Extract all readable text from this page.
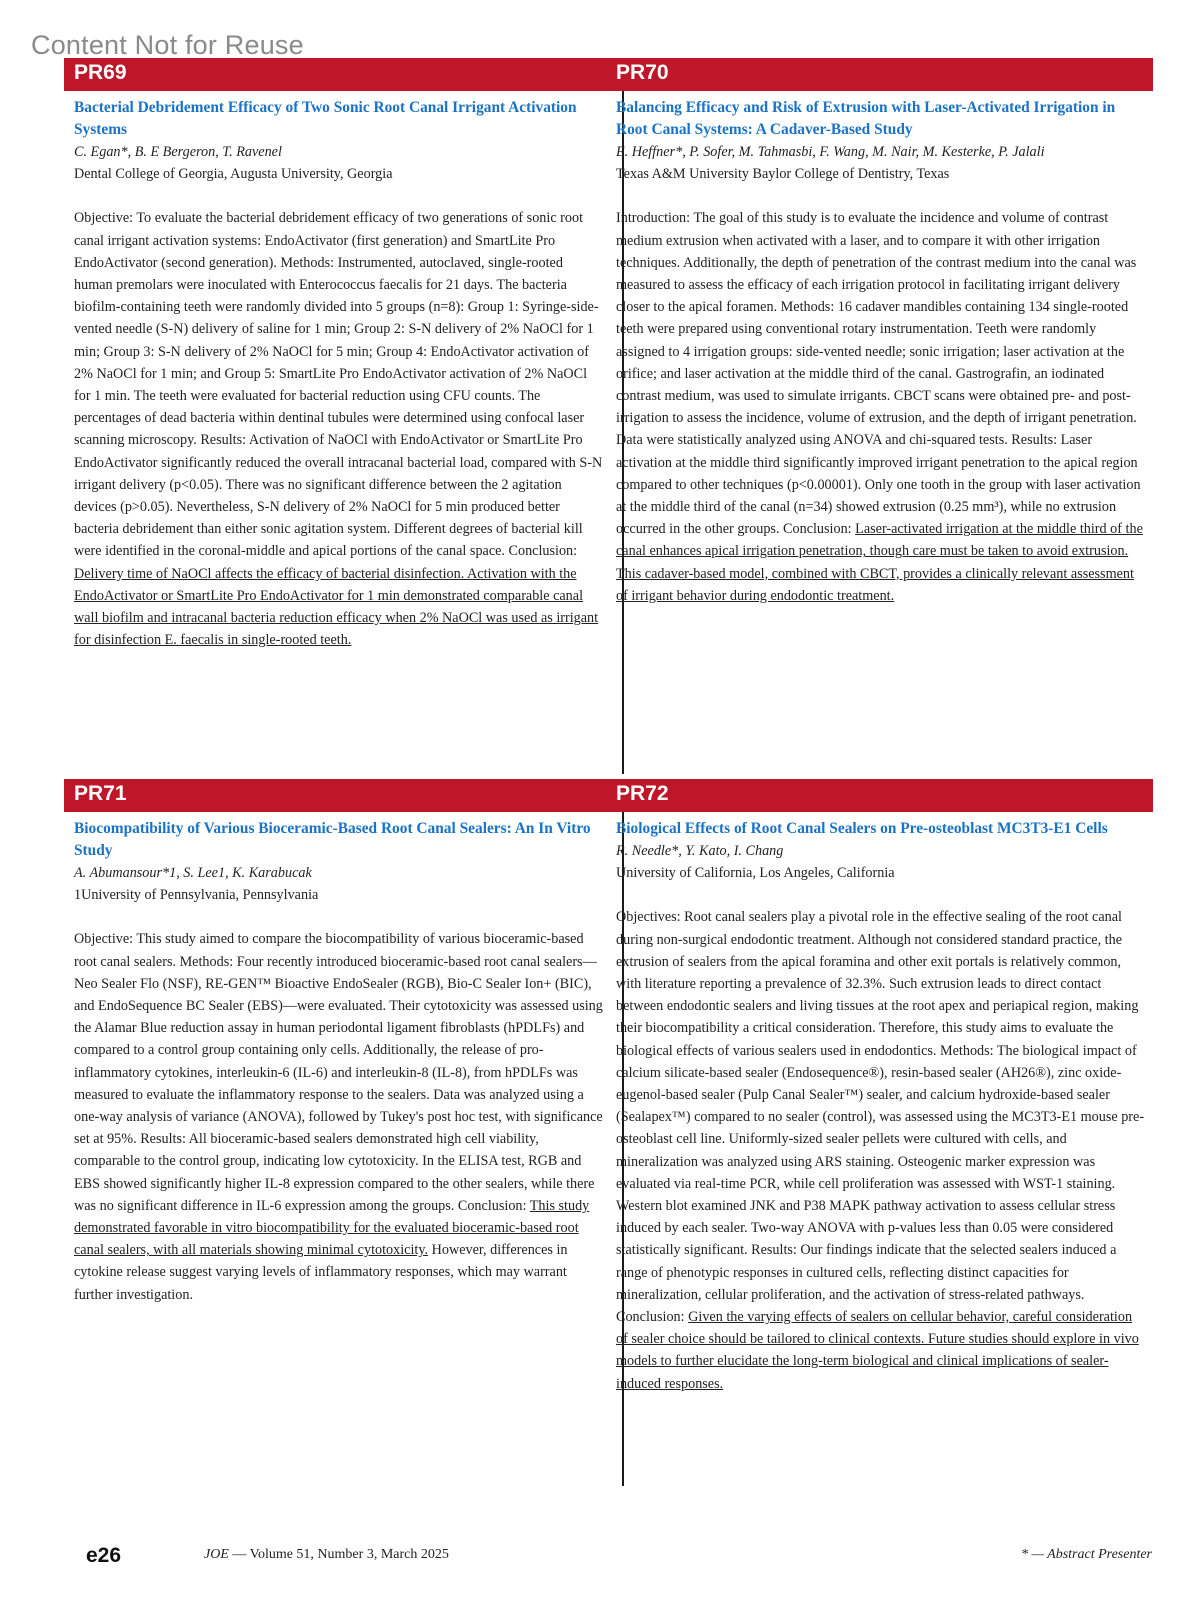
Content Not for Reuse
PR69	PR70
PR71	PR72
Bacterial Debridement Efficacy of Two Sonic Root Canal Irrigant Activation Systems
C. Egan*, B. E Bergeron, T. Ravenel
Dental College of Georgia, Augusta University, Georgia
Objective: To evaluate the bacterial debridement efficacy of two generations of sonic root canal irrigant activation systems: EndoActivator (first generation) and SmartLite Pro EndoActivator (second generation). Methods: Instrumented, autoclaved, single-rooted human premolars were inoculated with Enterococcus faecalis for 21 days. The bacteria biofilm-containing teeth were randomly divided into 5 groups (n=8): Group 1: Syringe-side-vented needle (S-N) delivery of saline for 1 min; Group 2: S-N delivery of 2% NaOCl for 1 min; Group 3: S-N delivery of 2% NaOCl for 5 min; Group 4: EndoActivator activation of 2% NaOCl for 1 min; and Group 5: SmartLite Pro EndoActivator activation of 2% NaOCl for 1 min. The teeth were evaluated for bacterial reduction using CFU counts. The percentages of dead bacteria within dentinal tubules were determined using confocal laser scanning microscopy. Results: Activation of NaOCl with EndoActivator or SmartLite Pro EndoActivator significantly reduced the overall intracanal bacterial load, compared with S-N irrigant delivery (p<0.05). There was no significant difference between the 2 agitation devices (p>0.05). Nevertheless, S-N delivery of 2% NaOCl for 5 min produced better bacteria debridement than either sonic agitation system. Different degrees of bacterial kill were identified in the coronal-middle and apical portions of the canal space. Conclusion: Delivery time of NaOCl affects the efficacy of bacterial disinfection. Activation with the EndoActivator or SmartLite Pro EndoActivator for 1 min demonstrated comparable canal wall biofilm and intracanal bacteria reduction efficacy when 2% NaOCl was used as irrigant for disinfection E. faecalis in single-rooted teeth.
Balancing Efficacy and Risk of Extrusion with Laser-Activated Irrigation in Root Canal Systems: A Cadaver-Based Study
E. Heffner*, P. Sofer, M. Tahmasbi, F. Wang, M. Nair, M. Kesterke, P. Jalali
Texas A&M University Baylor College of Dentistry, Texas
Introduction: The goal of this study is to evaluate the incidence and volume of contrast medium extrusion when activated with a laser, and to compare it with other irrigation techniques. Additionally, the depth of penetration of the contrast medium into the canal was measured to assess the efficacy of each irrigation protocol in facilitating irrigant delivery closer to the apical foramen. Methods: 16 cadaver mandibles containing 134 single-rooted teeth were prepared using conventional rotary instrumentation. Teeth were randomly assigned to 4 irrigation groups: side-vented needle; sonic irrigation; laser activation at the orifice; and laser activation at the middle third of the canal. Gastrografin, an iodinated contrast medium, was used to simulate irrigants. CBCT scans were obtained pre- and post-irrigation to assess the incidence, volume of extrusion, and the depth of irrigant penetration. Data were statistically analyzed using ANOVA and chi-squared tests. Results: Laser activation at the middle third significantly improved irrigant penetration to the apical region compared to other techniques (p<0.00001). Only one tooth in the group with laser activation at the middle third of the canal (n=34) showed extrusion (0.25 mm³), while no extrusion occurred in the other groups. Conclusion: Laser-activated irrigation at the middle third of the canal enhances apical irrigation penetration, though care must be taken to avoid extrusion. This cadaver-based model, combined with CBCT, provides a clinically relevant assessment of irrigant behavior during endodontic treatment.
Biocompatibility of Various Bioceramic-Based Root Canal Sealers: An In Vitro Study
A. Abumansour*1, S. Lee1, K. Karabucak
1University of Pennsylvania, Pennsylvania
Objective: This study aimed to compare the biocompatibility of various bioceramic-based root canal sealers. Methods: Four recently introduced bioceramic-based root canal sealers—Neo Sealer Flo (NSF), RE-GEN™ Bioactive EndoSealer (RGB), Bio-C Sealer Ion+ (BIC), and EndoSequence BC Sealer (EBS)—were evaluated. Their cytotoxicity was assessed using the Alamar Blue reduction assay in human periodontal ligament fibroblasts (hPDLFs) and compared to a control group containing only cells. Additionally, the release of pro-inflammatory cytokines, interleukin-6 (IL-6) and interleukin-8 (IL-8), from hPDLFs was measured to evaluate the inflammatory response to the sealers. Data was analyzed using a one-way analysis of variance (ANOVA), followed by Tukey's post hoc test, with significance set at 95%. Results: All bioceramic-based sealers demonstrated high cell viability, comparable to the control group, indicating low cytotoxicity. In the ELISA test, RGB and EBS showed significantly higher IL-8 expression compared to the other sealers, while there was no significant difference in IL-6 expression among the groups. Conclusion: This study demonstrated favorable in vitro biocompatibility for the evaluated bioceramic-based root canal sealers, with all materials showing minimal cytotoxicity. However, differences in cytokine release suggest varying levels of inflammatory responses, which may warrant further investigation.
Biological Effects of Root Canal Sealers on Pre-osteoblast MC3T3-E1 Cells
R. Needle*, Y. Kato, I. Chang
University of California, Los Angeles, California
Objectives: Root canal sealers play a pivotal role in the effective sealing of the root canal during non-surgical endodontic treatment. Although not considered standard practice, the extrusion of sealers from the apical foramina and other exit portals is relatively common, with literature reporting a prevalence of 32.3%. Such extrusion leads to direct contact between endodontic sealers and living tissues at the root apex and periapical region, making their biocompatibility a critical consideration. Therefore, this study aims to evaluate the biological effects of various sealers used in endodontics. Methods: The biological impact of calcium silicate-based sealer (Endosequence®), resin-based sealer (AH26®), zinc oxide-eugenol-based sealer (Pulp Canal Sealer™) sealer, and calcium hydroxide-based sealer (Sealapex™) compared to no sealer (control), was assessed using the MC3T3-E1 mouse pre-osteoblast cell line. Uniformly-sized sealer pellets were cultured with cells, and mineralization was analyzed using ARS staining. Osteogenic marker expression was evaluated via real-time PCR, while cell proliferation was assessed with WST-1 staining. Western blot examined JNK and P38 MAPK pathway activation to assess cellular stress induced by each sealer. Two-way ANOVA with p-values less than 0.05 were considered statistically significant. Results: Our findings indicate that the selected sealers induced a range of phenotypic responses in cultured cells, reflecting distinct capacities for mineralization, cellular proliferation, and the activation of stress-related pathways. Conclusion: Given the varying effects of sealers on cellular behavior, careful consideration of sealer choice should be tailored to clinical contexts. Future studies should explore in vivo models to further elucidate the long-term biological and clinical implications of sealer-induced responses.
e26	JOE — Volume 51, Number 3, March 2025	* — Abstract Presenter
